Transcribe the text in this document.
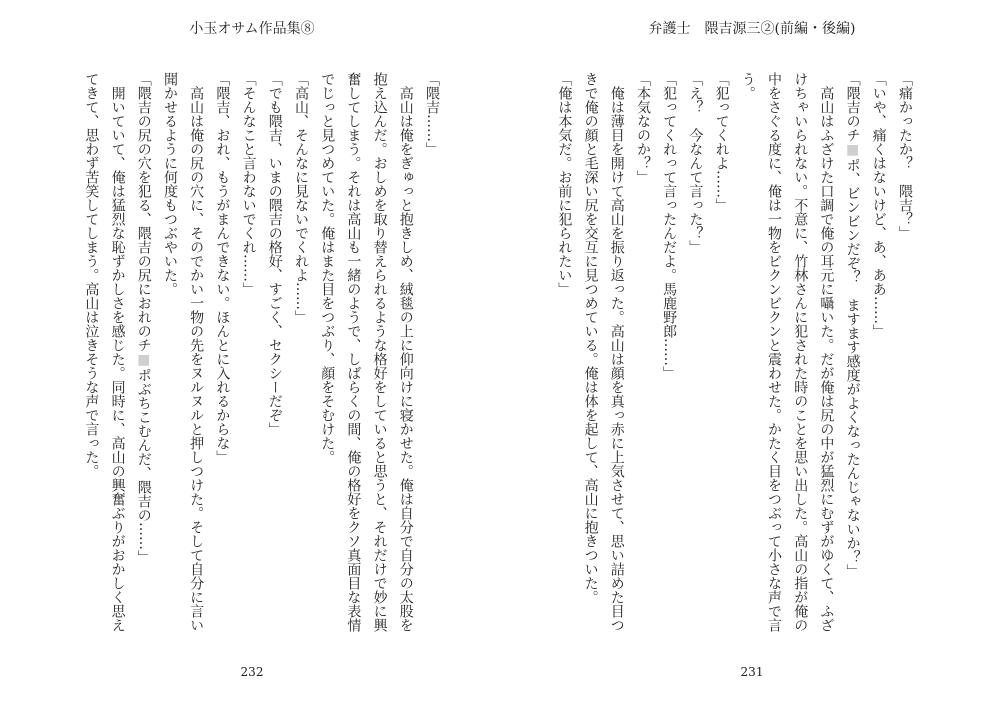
小玉オサム作品集⑧
「隈吉……」
　高山は俺をぎゅっと抱きしめ、絨毯の上に仰向けに寝かせた。俺は自分で自分の太股を
抱え込んだ。おしめを取り替えられるような格好をしていると思うと、それだけで妙に興
奮してしまう。それは高山も一緒のようで、しばらくの間、俺の格好をクソ真面目な表情
でじっと見つめていた。俺はまた目をつぶり、顔をそむけた。
「高山、そんなに見ないでくれよ……」
「でも隈吉、いまの隈吉の格好、すごく、セクシーだぞ」
「そんなこと言わないでくれ……」
「隈吉、おれ、もうがまんできない。ほんとに入れるからな」
　高山は俺の尻の穴に、そのでかい一物の先をヌルヌルと押しつけた。そして自分に言い
聞かせるように何度もつぶやいた。
「隈吉の尻の穴を犯る、隈吉の尻におれのチ■ポぶちこむんだ、隈吉の……」
　開いていて、俺は猛烈な恥ずかしさを感じた。同時に、高山の興奮ぶりがおかしく思え
てきて、思わず苦笑してしまう。高山は泣きそうな声で言った。
232
弁護士　隈吉源三②(前編・後編)
「痛かったか？　隈吉？」
「いや、痛くはないけど、あ、ああ……」
「隈吉のチ■ポ、ビンビンだぞ？　ますます感度がよくなったんじゃないか？」
　高山はふざけた口調で俺の耳元に囁いた。だが俺は尻の中が猛烈にむずがゆくて、ふざ
けちゃいられない。不意に、竹林さんに犯された時のことを思い出した。高山の指が俺の
中をさぐる度に、俺は一物をビクンビクンと震わせた。かたく目をつぶって小さな声で言
う。
「犯ってくれよ……」
「え？　今なんて言った？」
「犯ってくれって言ったんだよ。馬鹿野郎……」
「本気なのか？」
　俺は薄目を開けて高山を振り返った。高山は顔を真っ赤に上気させて、思い詰めた目つ
きで俺の顔と毛深い尻を交互に見つめている。俺は体を起して、高山に抱きついた。
「俺は本気だ。お前に犯られたい」
231
